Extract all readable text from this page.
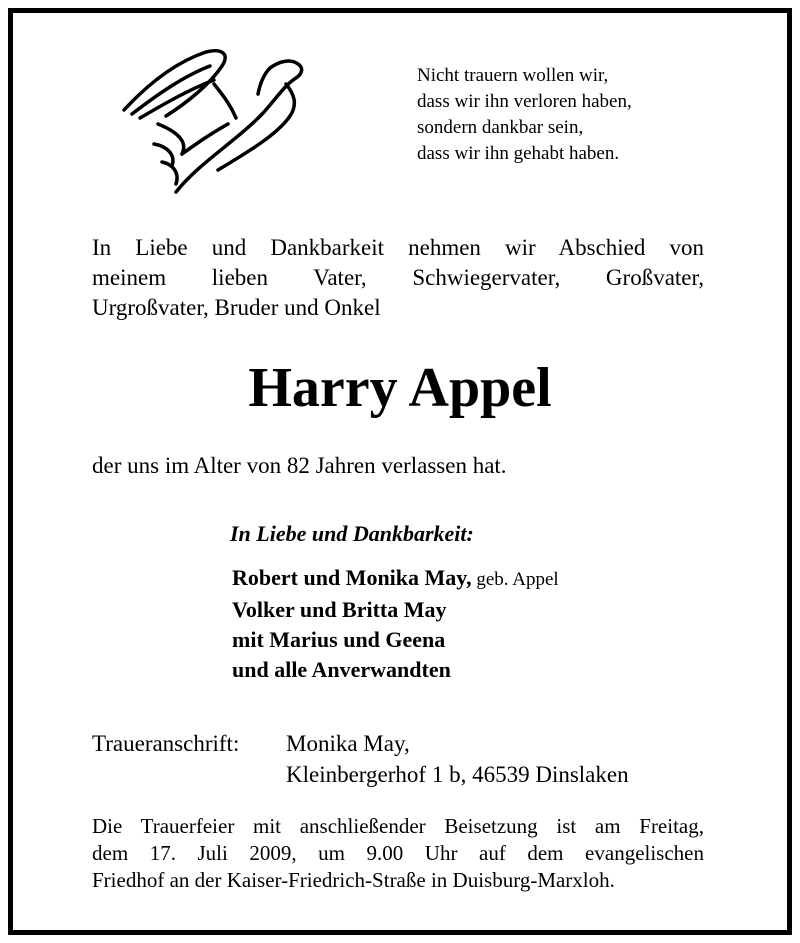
Nicht trauern wollen wir,
dass wir ihn verloren haben,
sondern dankbar sein,
dass wir ihn gehabt haben.
In Liebe und Dankbarkeit nehmen wir Abschied von
meinem lieben Vater, Schwiegervater, Großvater,
Urgroßvater, Bruder und Onkel
Harry Appel
der uns im Alter von 82 Jahren verlassen hat.
In Liebe und Dankbarkeit:
Robert und Monika May, geb. Appel
Volker und Britta May
mit Marius und Geena
und alle Anverwandten
Traueranschrift: Monika May,
Kleinbergerhof 1 b, 46539 Dinslaken
Die Trauerfeier mit anschließender Beisetzung ist am Freitag,
dem 17. Juli 2009, um 9.00 Uhr auf dem evangelischen
Friedhof an der Kaiser-Friedrich-Straße in Duisburg-Marxloh.
